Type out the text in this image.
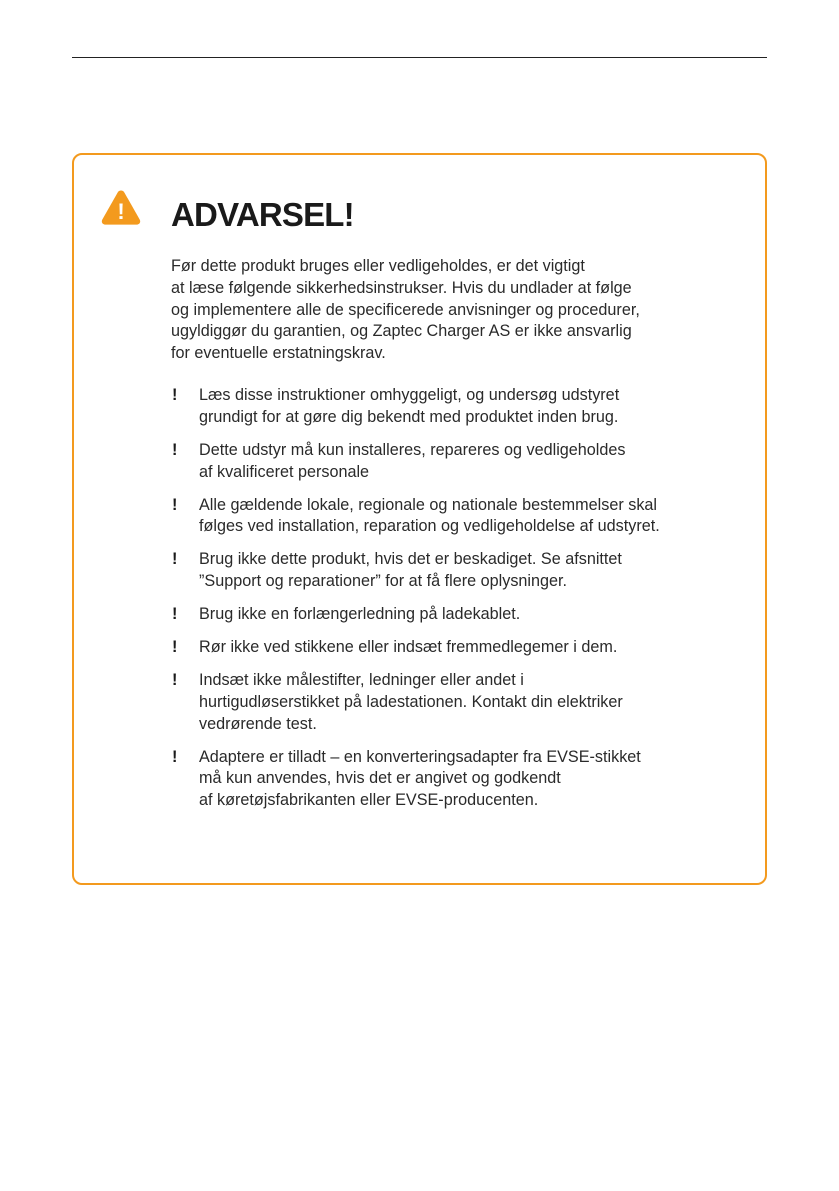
! ADVARSEL!

Før dette produkt bruges eller vedligeholdes, er det vigtigt
at læse følgende sikkerhedsinstrukser. Hvis du undlader at følge
og implementere alle de specificerede anvisninger og procedurer,
ugyldiggør du garantien, og Zaptec Charger AS er ikke ansvarlig
for eventuelle erstatningskrav.

! Læs disse instruktioner omhyggeligt, og undersøg udstyret
grundigt for at gøre dig bekendt med produktet inden brug.
! Dette udstyr må kun installeres, repareres og vedligeholdes
af kvalificeret personale
! Alle gældende lokale, regionale og nationale bestemmelser skal
følges ved installation, reparation og vedligeholdelse af udstyret.
! Brug ikke dette produkt, hvis det er beskadiget. Se afsnittet
”Support og reparationer” for at få flere oplysninger.
! Brug ikke en forlængerledning på ladekablet.
! Rør ikke ved stikkene eller indsæt fremmedlegemer i dem.
! Indsæt ikke målestifter, ledninger eller andet i
hurtigudløserstikket på ladestationen. Kontakt din elektriker
vedrørende test.
! Adaptere er tilladt – en konverteringsadapter fra EVSE-stikket
må kun anvendes, hvis det er angivet og godkendt
af køretøjsfabrikanten eller EVSE-producenten.
